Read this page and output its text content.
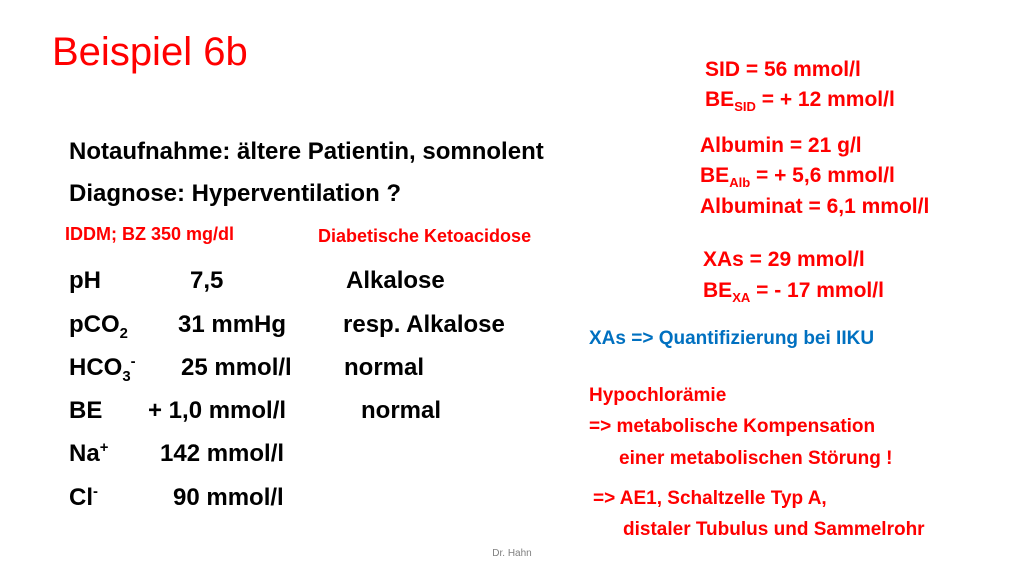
Beispiel 6b
Notaufnahme: ältere Patientin, somnolent
Diagnose: Hyperventilation ?
IDDM; BZ 350 mg/dl	Diabetische Ketoacidose
pH	7,5	Alkalose
pCO$_2$ 31 mmHg resp. Alkalose
$HCO_3^-$ 25 mmol/l normal
BE + 1,0 mmol/l	normal
Na+ 142 mmol/l
Cl-	90 mmol/l
SID = 56 mmol/l
$BE_{SID}$ = + 12 mmol/l
Albumin = 21 g/l
$BE_{Alb}$ = + 5,6 mmol/l
Albuminat = 6,1 mmol/l
XAs = 29 mmol/l
$BE_{XA}$ = - 17 mmol/l
XAs => Quantifizierung bei IIKU
Hypochlorämie
=> metabolische Kompensation
einer metabolischen Störung !
=> AE1, Schaltzelle Typ A,
distaler Tubulus und Sammelrohr
Dr. Hahn
